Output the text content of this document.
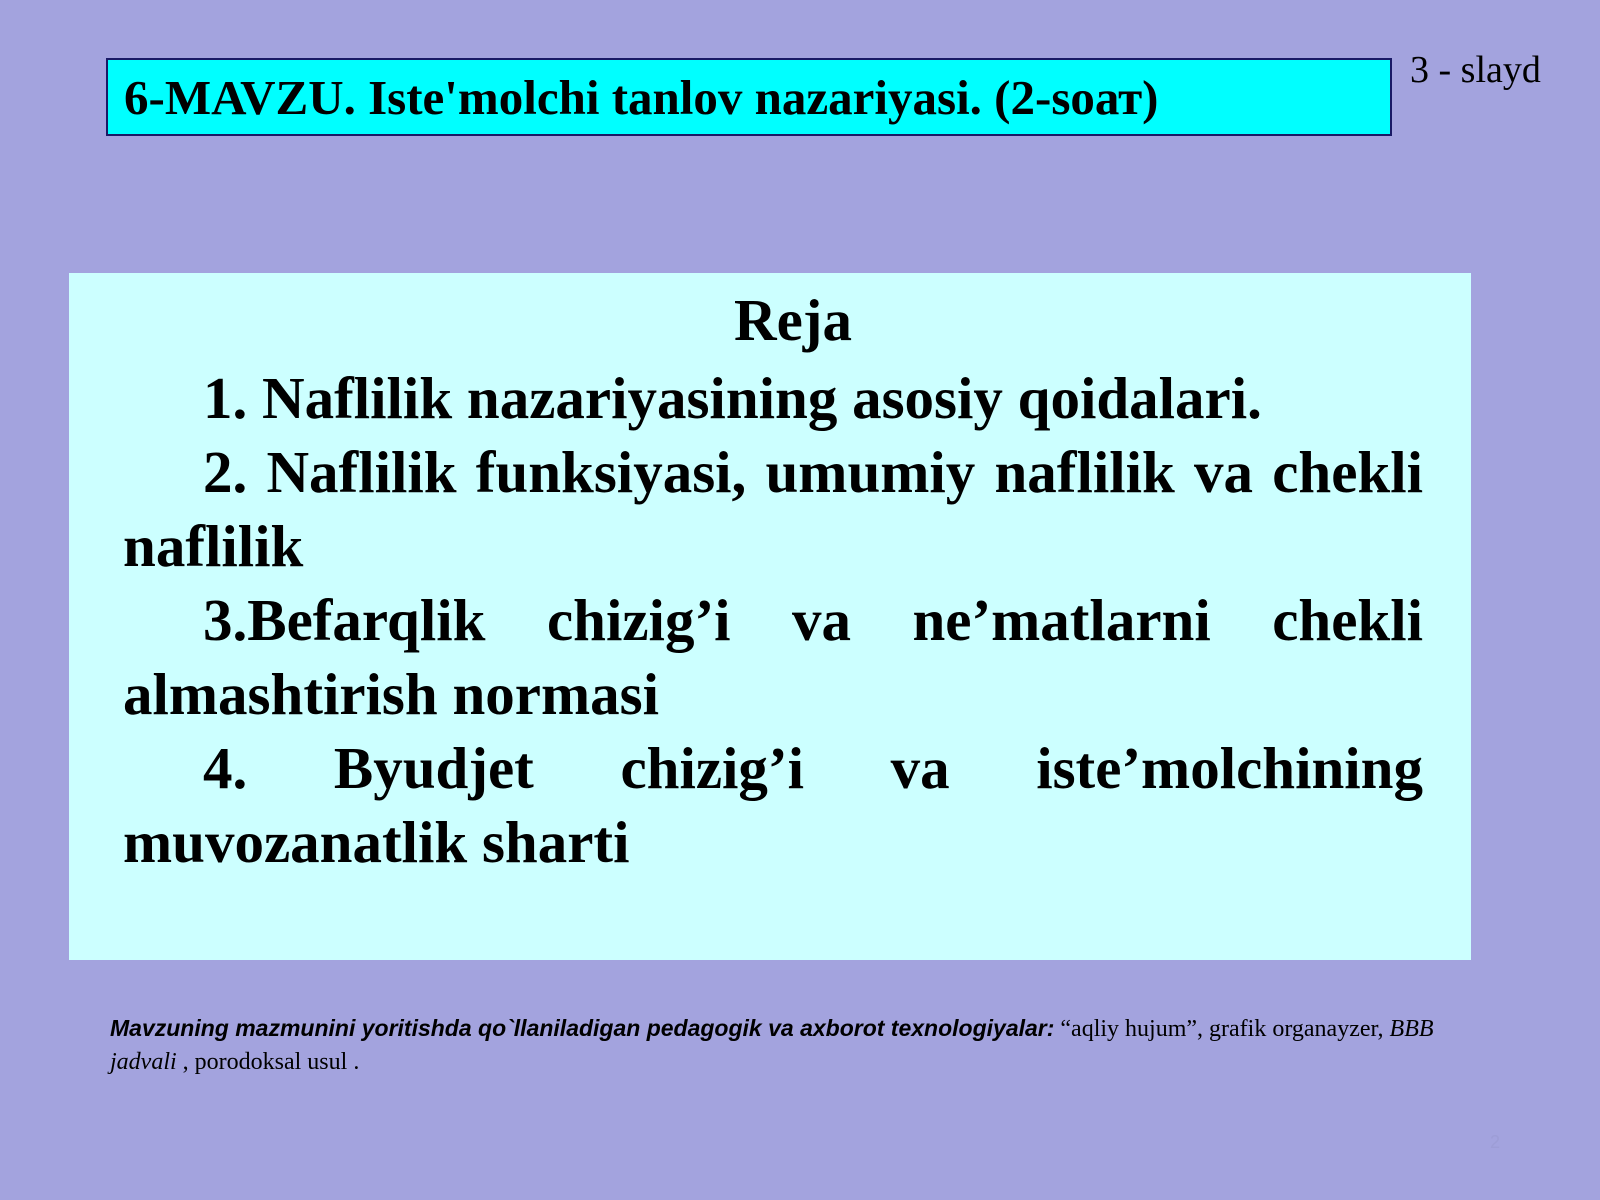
6-MAVZU. Iste'molchi tanlov nazariyasi. (2-soат)	3 - slayd
Reja
1. Naflilik nazariyasining asosiy qoidalari.
2. Naflilik funksiyasi, umumiy naflilik va chekli naflilik
3.Befarqlik chizig’i va ne’matlarni chekli almashtirish normasi
4. Byudjet chizig’i va iste’molchining muvozanatlik sharti
Mavzuning mazmunini yoritishda qo`llaniladigan pedagogik va axborot texnologiyalar: “aqliy hujum”, grafik organayzer, BBB jadvali , porodoksal usul .
2
